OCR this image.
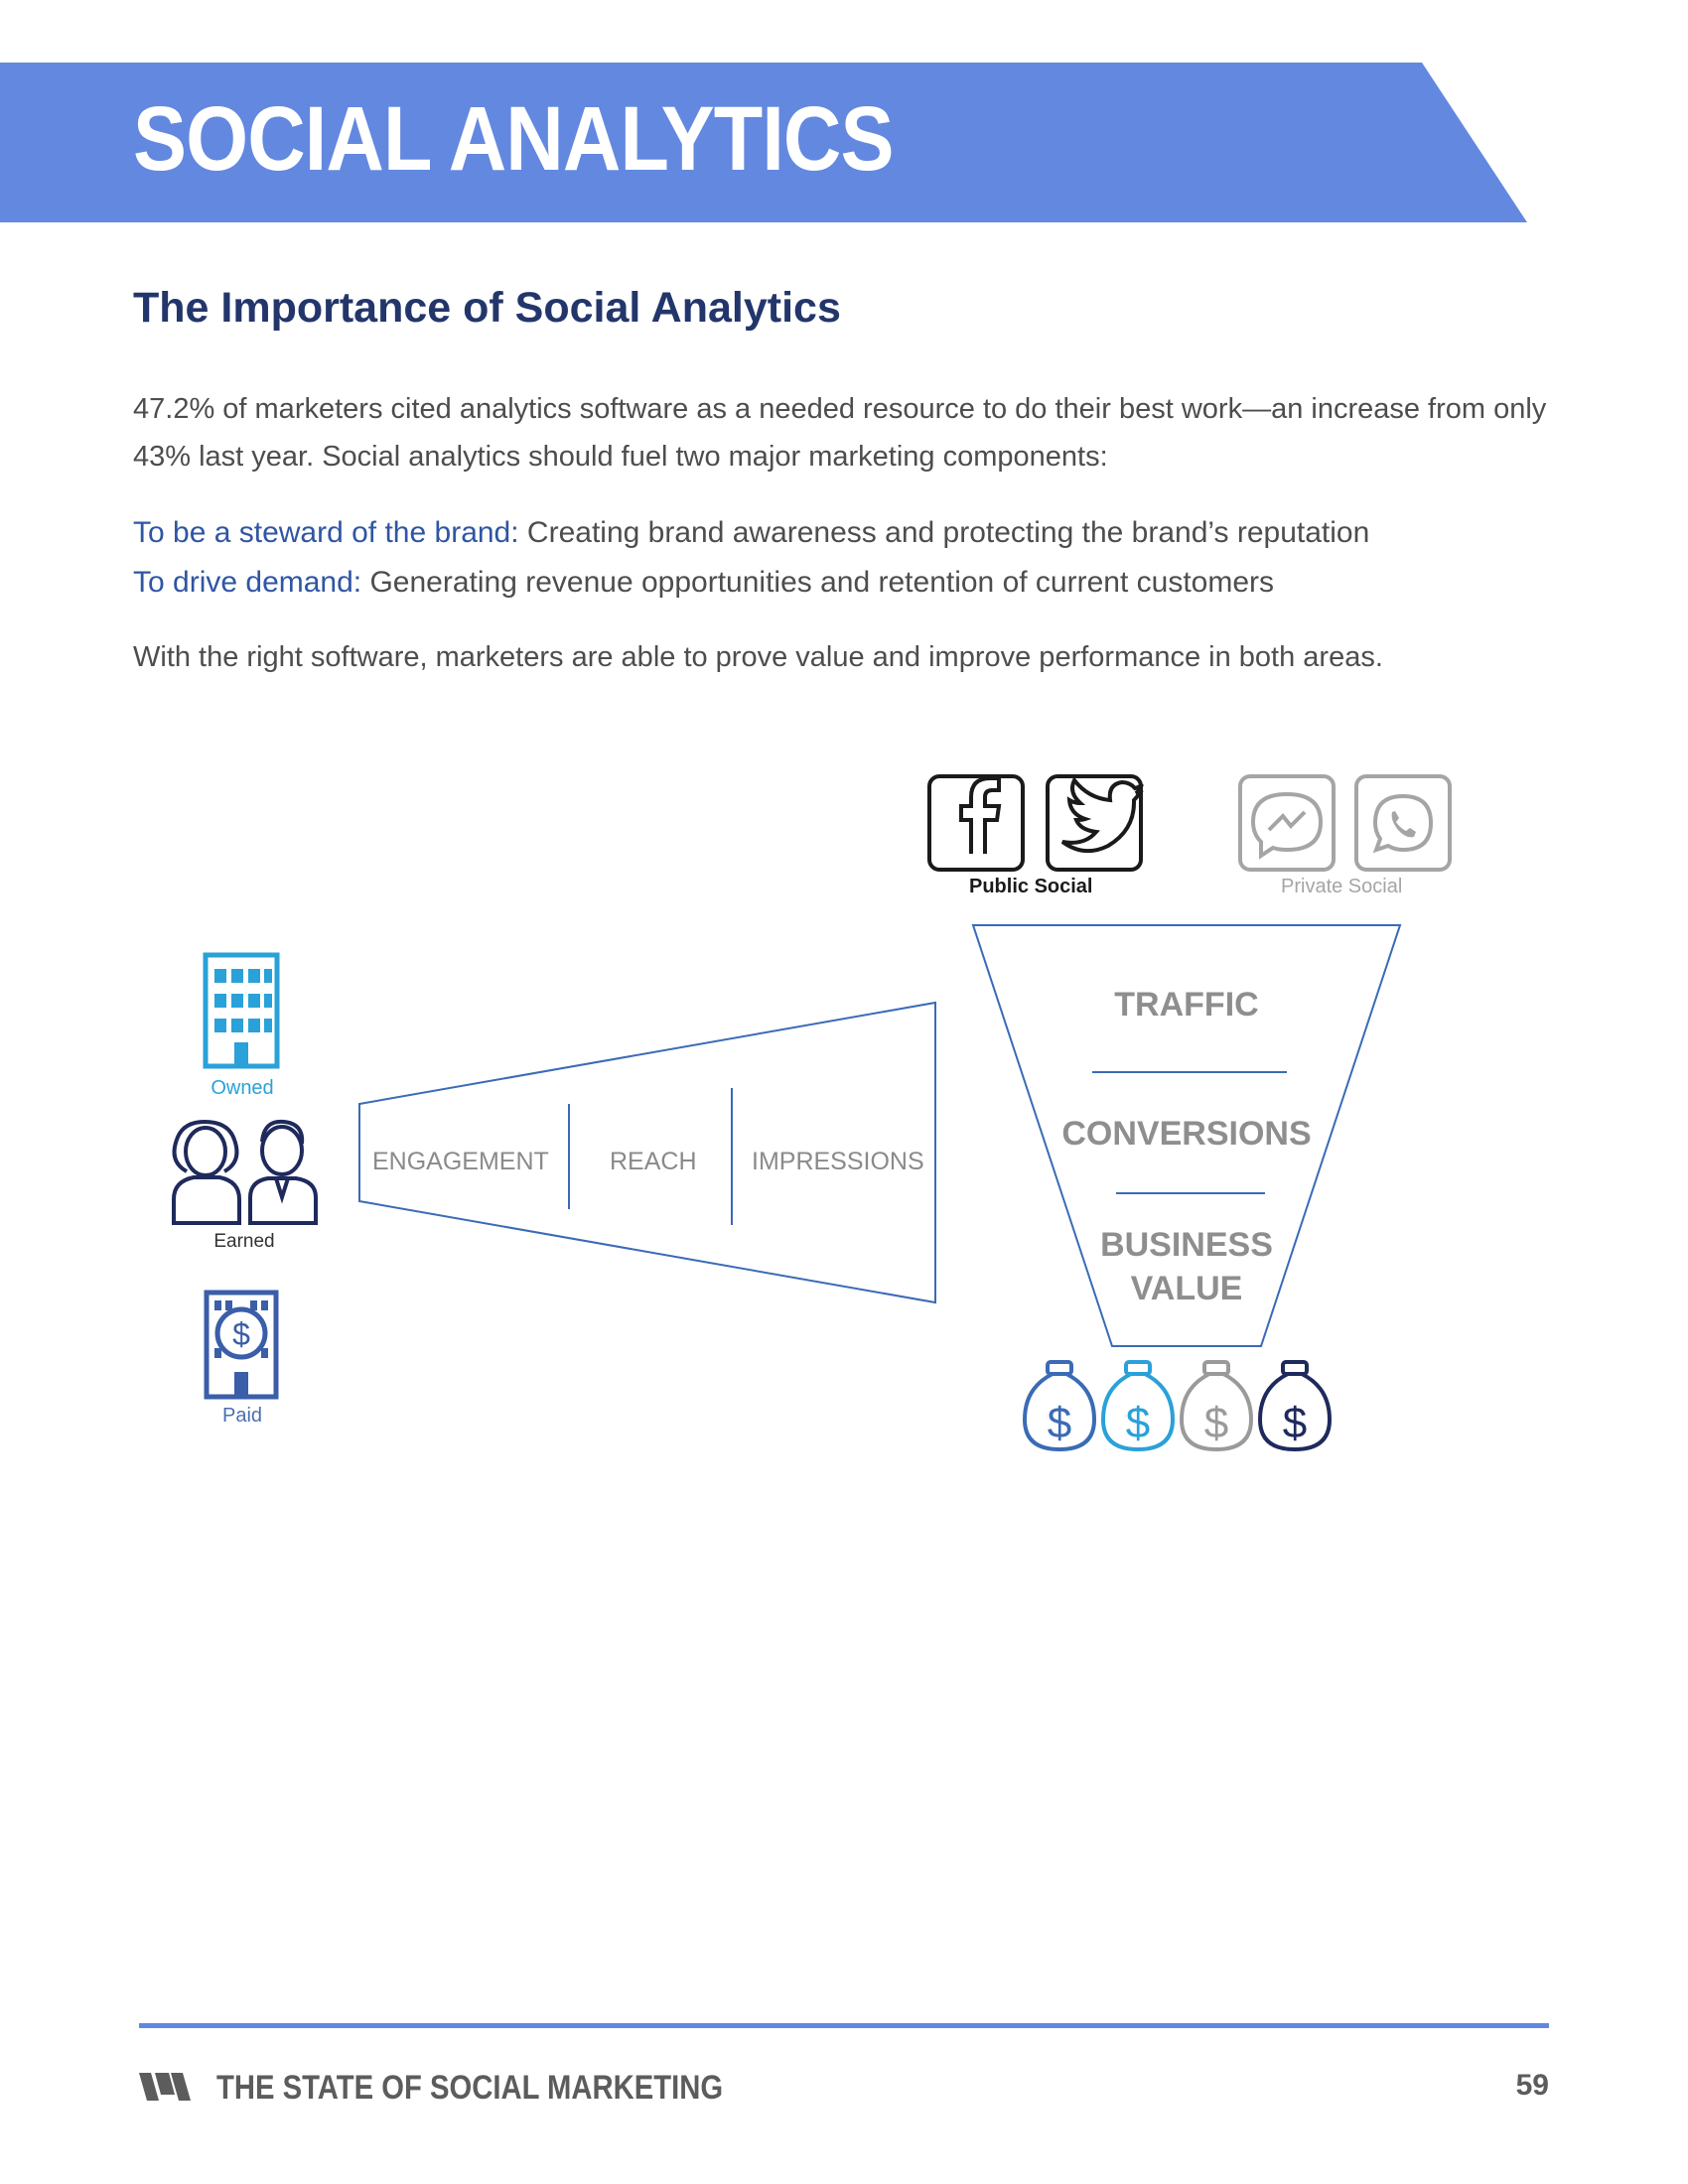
SOCIAL ANALYTICS
The Importance of Social Analytics
47.2% of marketers cited analytics software as a needed resource to do their best work—an increase from only 43% last year. Social analytics should fuel two major marketing components:
To be a steward of the brand: Creating brand awareness and protecting the brand’s reputation
To drive demand: Generating revenue opportunities and retention of current customers
With the right software, marketers are able to prove value and improve performance in both areas.
$
$ $ $ $
Owned
Earned
Paid
ENGAGEMENT REACH IMPRESSIONS
Public Social	Private Social
TRAFFIC
CONVERSIONS
BUSINESS VALUE
THE STATE OF SOCIAL MARKETING	59
